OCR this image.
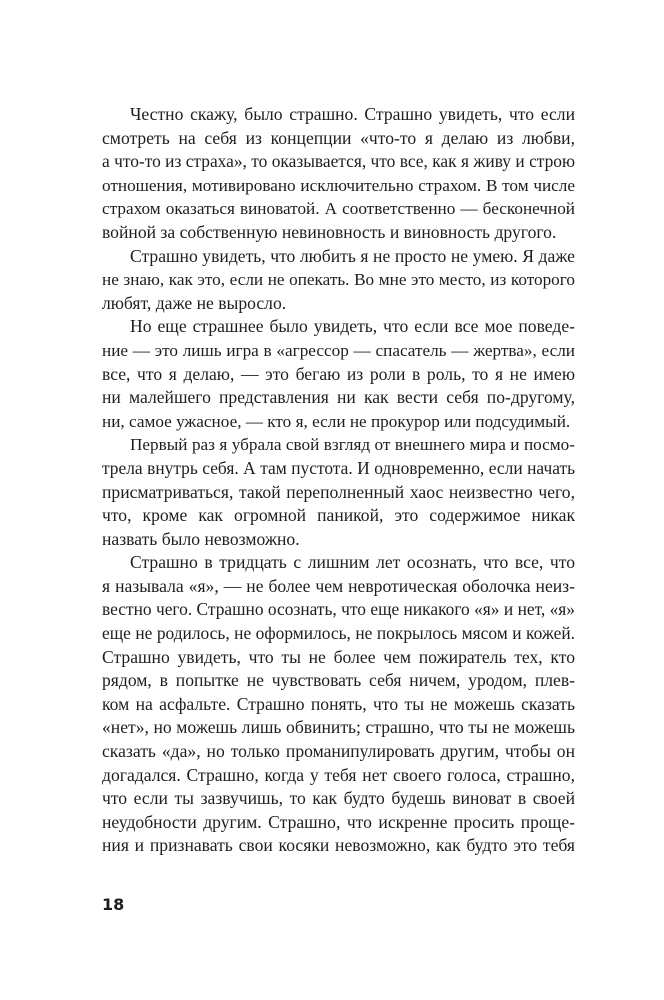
Честно скажу, было страшно. Страшно увидеть, что если
смотреть на себя из концепции «что-то я делаю из любви,
а что-то из страха», то оказывается, что все, как я живу и строю
отношения, мотивировано исключительно страхом. В том числе
страхом оказаться виноватой. А соответственно — бесконечной
войной за собственную невиновность и виновность другого.
Страшно увидеть, что любить я не просто не умею. Я даже
не знаю, как это, если не опекать. Во мне это место, из которого
любят, даже не выросло.
Но еще страшнее было увидеть, что если все мое поведе-
ние — это лишь игра в «агрессор — спасатель — жертва», если
все, что я делаю, — это бегаю из роли в роль, то я не имею
ни малейшего представления ни как вести себя по-другому,
ни, самое ужасное, — кто я, если не прокурор или подсудимый.
Первый раз я убрала свой взгляд от внешнего мира и посмо-
трела внутрь себя. А там пустота. И одновременно, если начать
присматриваться, такой переполненный хаос неизвестно чего,
что, кроме как огромной паникой, это содержимое никак
назвать было невозможно.
Страшно в тридцать с лишним лет осознать, что все, что
я называла «я», — не более чем невротическая оболочка неиз-
вестно чего. Страшно осознать, что еще никакого «я» и нет, «я»
еще не родилось, не оформилось, не покрылось мясом и кожей.
Страшно увидеть, что ты не более чем пожиратель тех, кто
рядом, в попытке не чувствовать себя ничем, уродом, плев-
ком на асфальте. Страшно понять, что ты не можешь сказать
«нет», но можешь лишь обвинить; страшно, что ты не можешь
сказать «да», но только проманипулировать другим, чтобы он
догадался. Страшно, когда у тебя нет своего голоса, страшно,
что если ты зазвучишь, то как будто будешь виноват в своей
неудобности другим. Страшно, что искренне просить проще-
ния и признавать свои косяки невозможно, как будто это тебя
18
